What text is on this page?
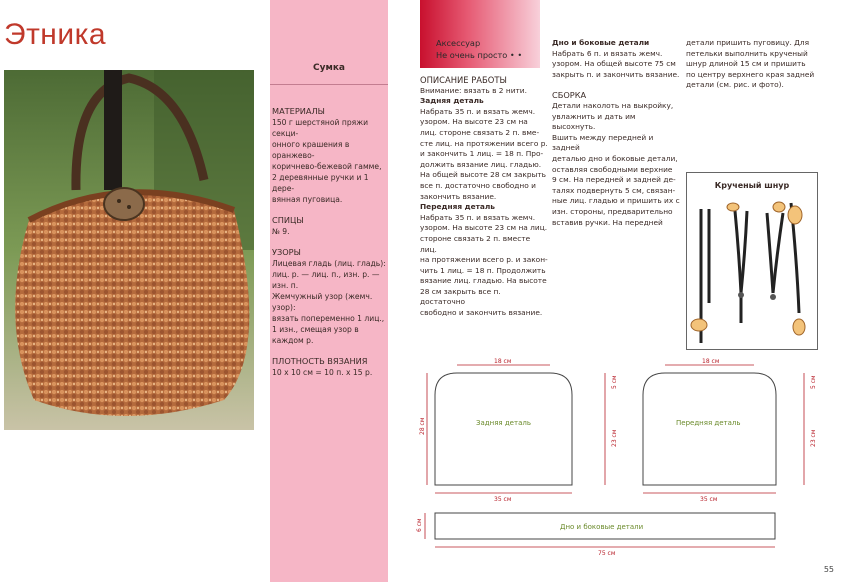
Этника
Сумка
МАТЕРИАЛЫ
150 г шерстяной пряжи секци-
онного крашения в оранжево-
коричнево-бежевой гамме,
2 деревянные ручки и 1 дере-
вянная пуговица.
СПИЦЫ
№ 9.
УЗОРЫ
Лицевая гладь (лиц. гладь):
лиц. р. — лиц. п., изн. р. — изн. п.
Жемчужный узор (жемч. узор):
вязать попеременно 1 лиц.,
1 изн., смещая узор в каждом р.
ПЛОТНОСТЬ ВЯЗАНИЯ
10 х 10 см = 10 п. х 15 р.
Аксессуар
Не очень просто • •
ОПИСАНИЕ РАБОТЫ
Внимание: вязать в 2 нити.
Задняя деталь
Набрать 35 п. и вязать жемч.
узором. На высоте 23 см на
лиц. стороне связать 2 п. вме-
сте лиц. на протяжении всего р.
и закончить 1 лиц. = 18 п. Про-
должить вязание лиц. гладью.
На общей высоте 28 см закрыть
все п. достаточно свободно и
закончить вязание.
Передняя деталь
Набрать 35 п. и вязать жемч.
узором. На высоте 23 см на лиц.
стороне связать 2 п. вместе лиц.
на протяжении всего р. и закон-
чить 1 лиц. = 18 п. Продолжить
вязание лиц. гладью. На высоте
28 см закрыть все п. достаточно
свободно и закончить вязание.
Дно и боковые детали
Набрать 6 п. и вязать жемч.
узором. На общей высоте 75 см
закрыть п. и закончить вязание.
СБОРКА
Детали наколоть на выкройку,
увлажнить и дать им высохнуть.
Вшить между передней и задней
деталью дно и боковые детали,
оставляя свободными верхние
9 см. На передней и задней де-
талях подвернуть 5 см, связан-
ные лиц. гладью и пришить их с
изн. стороны, предварительно
вставив ручки. На передней
детали пришить пуговицу. Для
петельки выполнить крученый
шнур длиной 15 см и пришить
по центру верхнего края задней
детали (см. рис. и фото).
Крученый шнур
18 см	18 см
35 см	35 см
75 см
28 см
23 см	23 см
5 см	5 см
6 см
Задняя деталь	Передняя деталь
Дно и боковые детали
55
